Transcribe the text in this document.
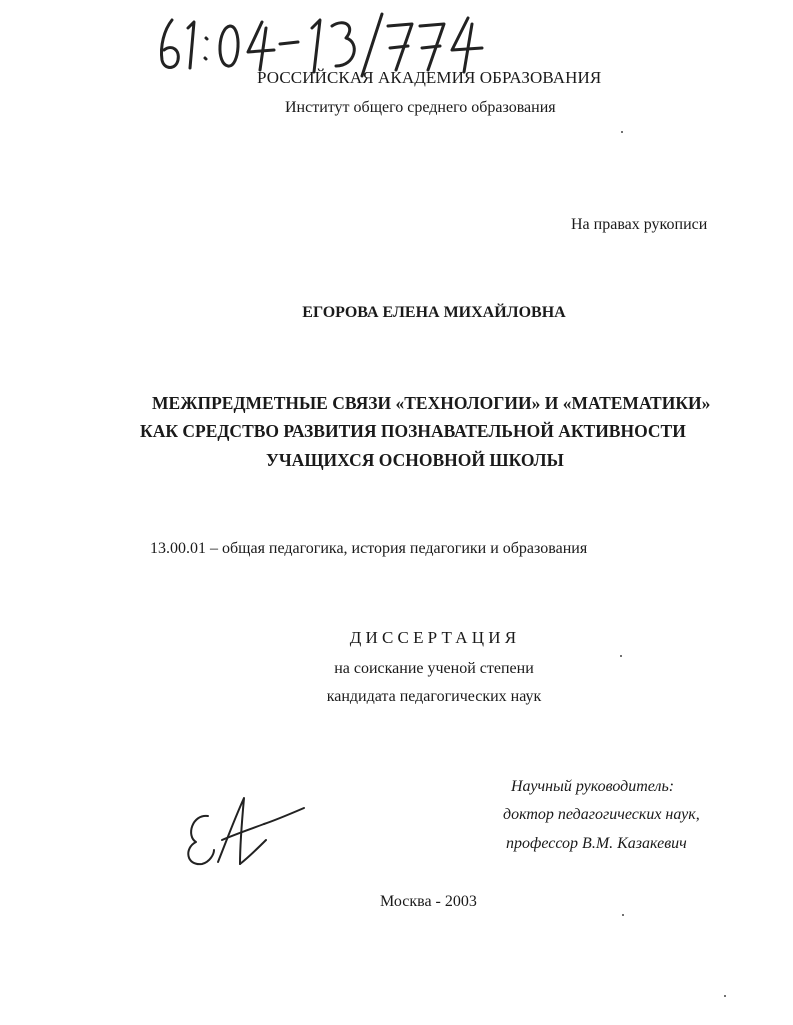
РОССИЙСКАЯ АКАДЕМИЯ ОБРАЗОВАНИЯ
Институт общего среднего образования
На правах рукописи
ЕГОРОВА ЕЛЕНА МИХАЙЛОВНА
МЕЖПРЕДМЕТНЫЕ СВЯЗИ «ТЕХНОЛОГИИ» И «МАТЕМАТИКИ»
КАК СРЕДСТВО РАЗВИТИЯ ПОЗНАВАТЕЛЬНОЙ АКТИВНОСТИ
УЧАЩИХСЯ ОСНОВНОЙ ШКОЛЫ
13.00.01 – общая педагогика, история педагогики и образования
ДИССЕРТАЦИЯ
на соискание ученой степени
кандидата педагогических наук
Научный руководитель:
доктор педагогических наук,
профессор В.М. Казакевич
Москва - 2003
